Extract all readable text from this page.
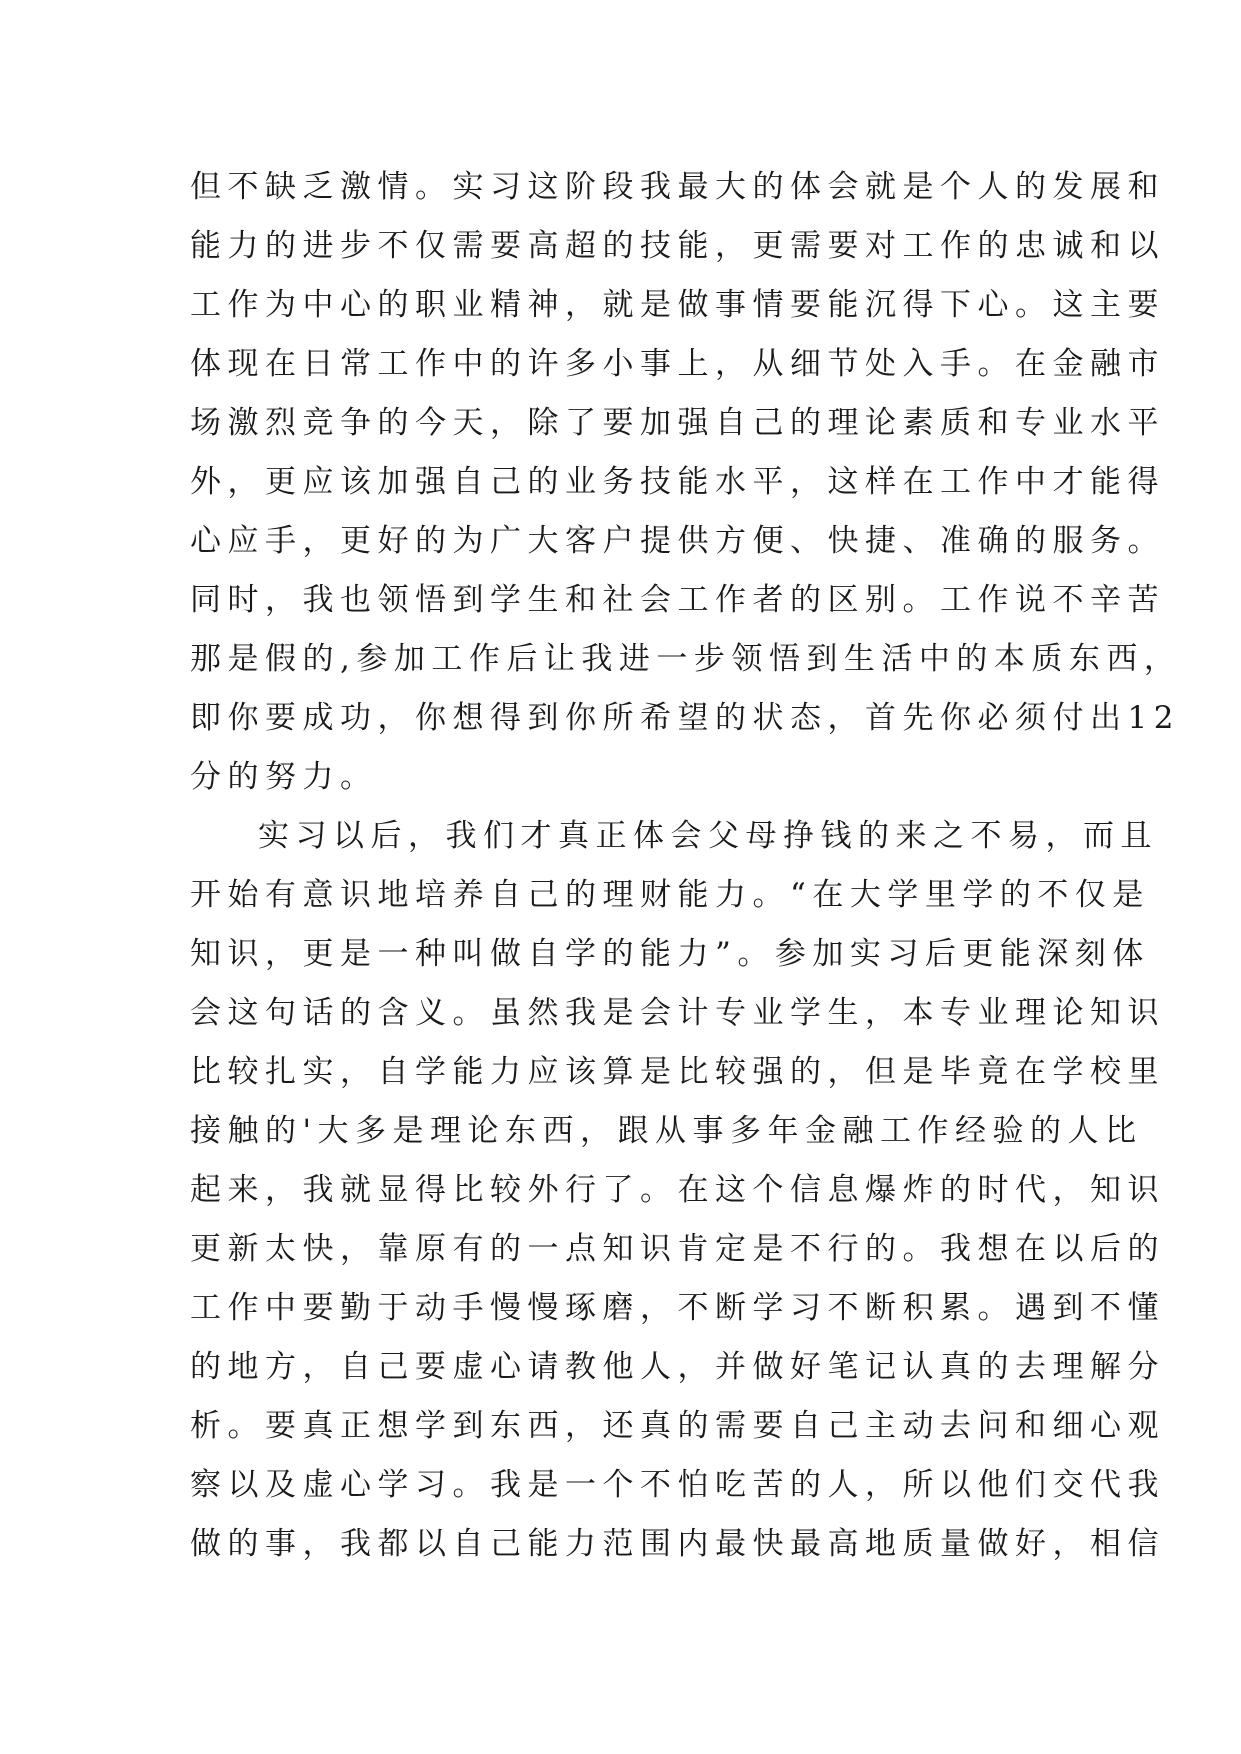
但不缺乏激情。实习这阶段我最大的体会就是个人的发展和
能力的进步不仅需要高超的技能，更需要对工作的忠诚和以
工作为中心的职业精神，就是做事情要能沉得下心。这主要
体现在日常工作中的许多小事上，从细节处入手。在金融市
场激烈竞争的今天，除了要加强自己的理论素质和专业水平
外，更应该加强自己的业务技能水平，这样在工作中才能得
心应手，更好的为广大客户提供方便、快捷、准确的服务。
同时，我也领悟到学生和社会工作者的区别。工作说不辛苦
那是假的,参加工作后让我进一步领悟到生活中的本质东西，
即你要成功，你想得到你所希望的状态，首先你必须付出12
分的努力。
实习以后，我们才真正体会父母挣钱的来之不易，而且
开始有意识地培养自己的理财能力。“在大学里学的不仅是
知识，更是一种叫做自学的能力”。参加实习后更能深刻体
会这句话的含义。虽然我是会计专业学生，本专业理论知识
比较扎实，自学能力应该算是比较强的，但是毕竟在学校里
接触的'大多是理论东西，跟从事多年金融工作经验的人比
起来，我就显得比较外行了。在这个信息爆炸的时代，知识
更新太快，靠原有的一点知识肯定是不行的。我想在以后的
工作中要勤于动手慢慢琢磨，不断学习不断积累。遇到不懂
的地方，自己要虚心请教他人，并做好笔记认真的去理解分
析。要真正想学到东西，还真的需要自己主动去问和细心观
察以及虚心学习。我是一个不怕吃苦的人，所以他们交代我
做的事，我都以自己能力范围内最快最高地质量做好，相信
